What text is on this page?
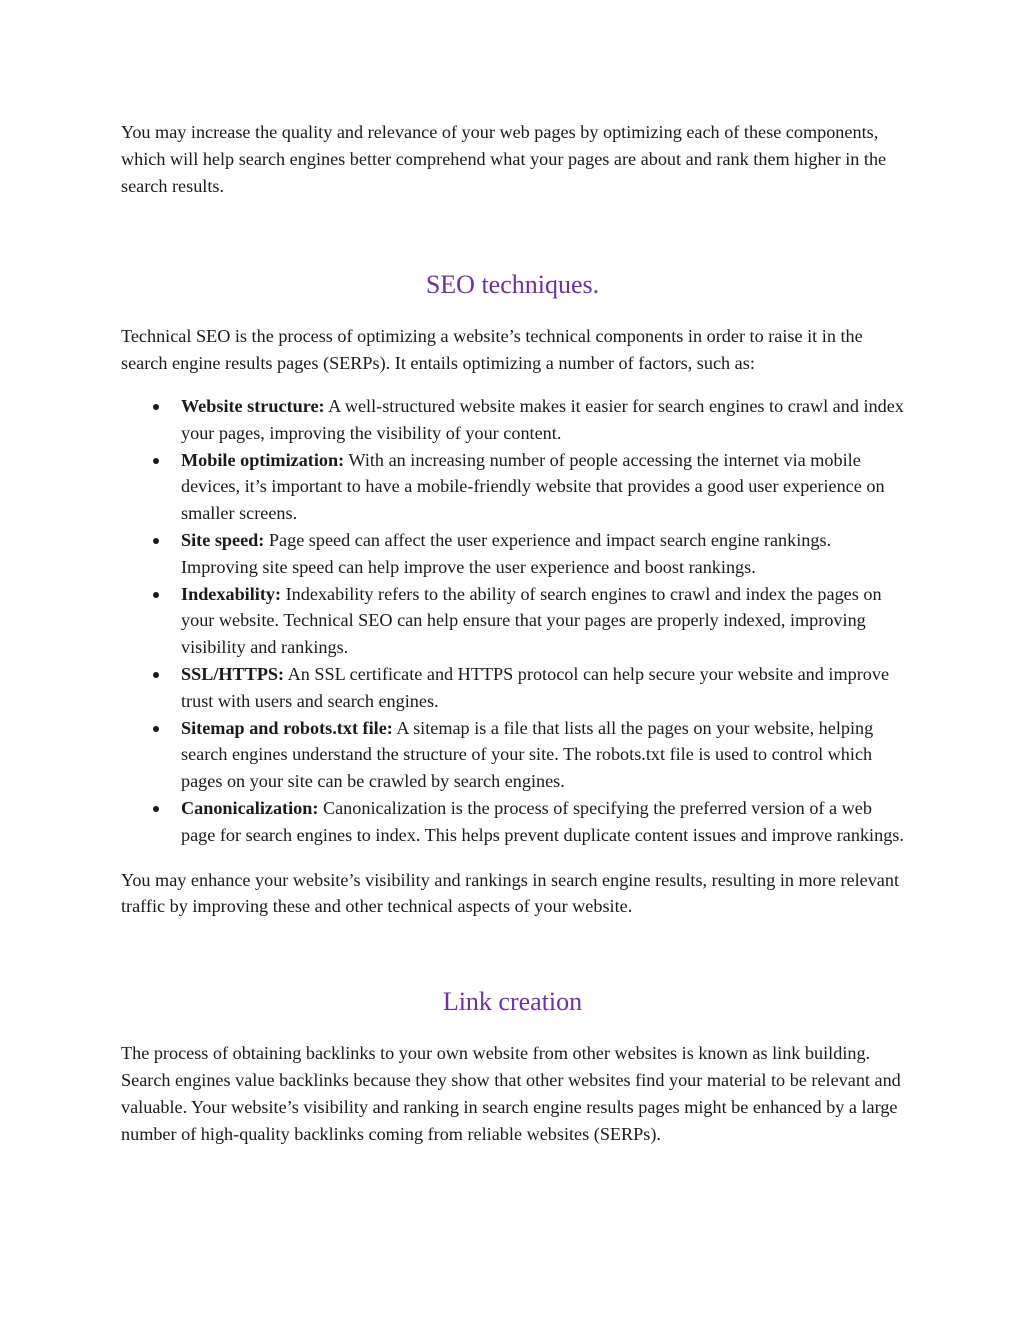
You may increase the quality and relevance of your web pages by optimizing each of these components, which will help search engines better comprehend what your pages are about and rank them higher in the search results.

SEO techniques.

Technical SEO is the process of optimizing a website’s technical components in order to raise it in the search engine results pages (SERPs). It entails optimizing a number of factors, such as:

Website structure: A well-structured website makes it easier for search engines to crawl and index your pages, improving the visibility of your content.
Mobile optimization: With an increasing number of people accessing the internet via mobile devices, it’s important to have a mobile-friendly website that provides a good user experience on smaller screens.
Site speed: Page speed can affect the user experience and impact search engine rankings. Improving site speed can help improve the user experience and boost rankings.
Indexability: Indexability refers to the ability of search engines to crawl and index the pages on your website. Technical SEO can help ensure that your pages are properly indexed, improving visibility and rankings.
SSL/HTTPS: An SSL certificate and HTTPS protocol can help secure your website and improve trust with users and search engines.
Sitemap and robots.txt file: A sitemap is a file that lists all the pages on your website, helping search engines understand the structure of your site. The robots.txt file is used to control which pages on your site can be crawled by search engines.
Canonicalization: Canonicalization is the process of specifying the preferred version of a web page for search engines to index. This helps prevent duplicate content issues and improve rankings.

You may enhance your website’s visibility and rankings in search engine results, resulting in more relevant traffic by improving these and other technical aspects of your website.

Link creation

The process of obtaining backlinks to your own website from other websites is known as link building. Search engines value backlinks because they show that other websites find your material to be relevant and valuable. Your website’s visibility and ranking in search engine results pages might be enhanced by a large number of high-quality backlinks coming from reliable websites (SERPs).
